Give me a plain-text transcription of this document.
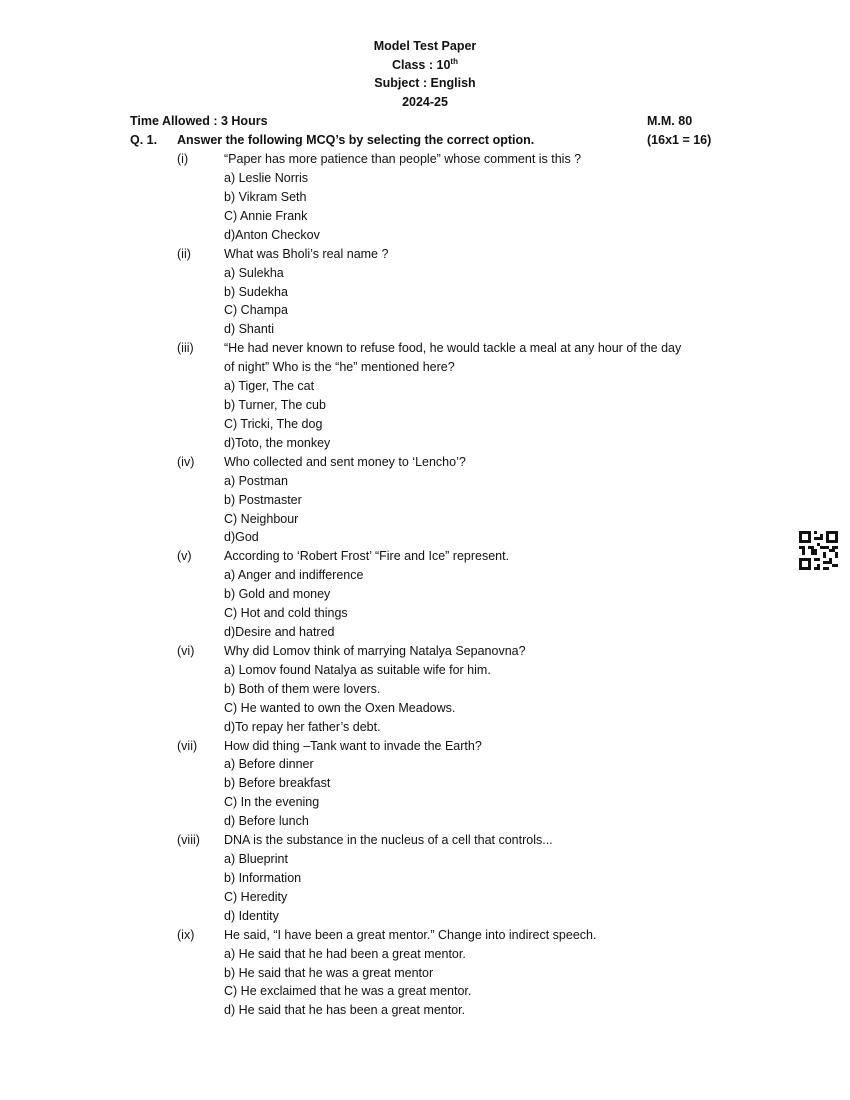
Model Test Paper
Class : 10th
Subject : English
2024-25
Time Allowed : 3 Hours	M.M. 80
Q. 1. Answer the following MCQ’s by selecting the correct option.	(16x1 = 16)
(i)	“Paper has more patience than people” whose comment is this ?
a) Leslie Norris
b) Vikram Seth
C) Annie Frank
d)Anton Checkov
(ii)	What was Bholi’s real name ?
a) Sulekha
b) Sudekha
C) Champa
d) Shanti
(iii) “He had never known to refuse food, he would tackle a meal at any hour of the day
of night” Who is the “he” mentioned here?
a) Tiger, The cat
b) Turner, The cub
C) Tricki, The dog
d)Toto, the monkey
(iv) Who collected and sent money to ‘Lencho’?
a) Postman
b) Postmaster
C) Neighbour
d)God
(v)	According to ‘Robert Frost’ “Fire and Ice” represent.
a) Anger and indifference
b) Gold and money
C) Hot and cold things
d)Desire and hatred
(vi) Why did Lomov think of marrying Natalya Sepanovna?
a) Lomov found Natalya as suitable wife for him.
b) Both of them were lovers.
C) He wanted to own the Oxen Meadows.
d)To repay her father’s debt.
(vii) How did thing –Tank want to invade the Earth?
a) Before dinner
b) Before breakfast
C) In the evening
d) Before lunch
(viii) DNA is the substance in the nucleus of a cell that controls...
a) Blueprint
b) Information
C) Heredity
d) Identity
(ix) He said, “I have been a great mentor.” Change into indirect speech.
a) He said that he had been a great mentor.
b) He said that he was a great mentor
C) He exclaimed that he was a great mentor.
d) He said that he has been a great mentor.
